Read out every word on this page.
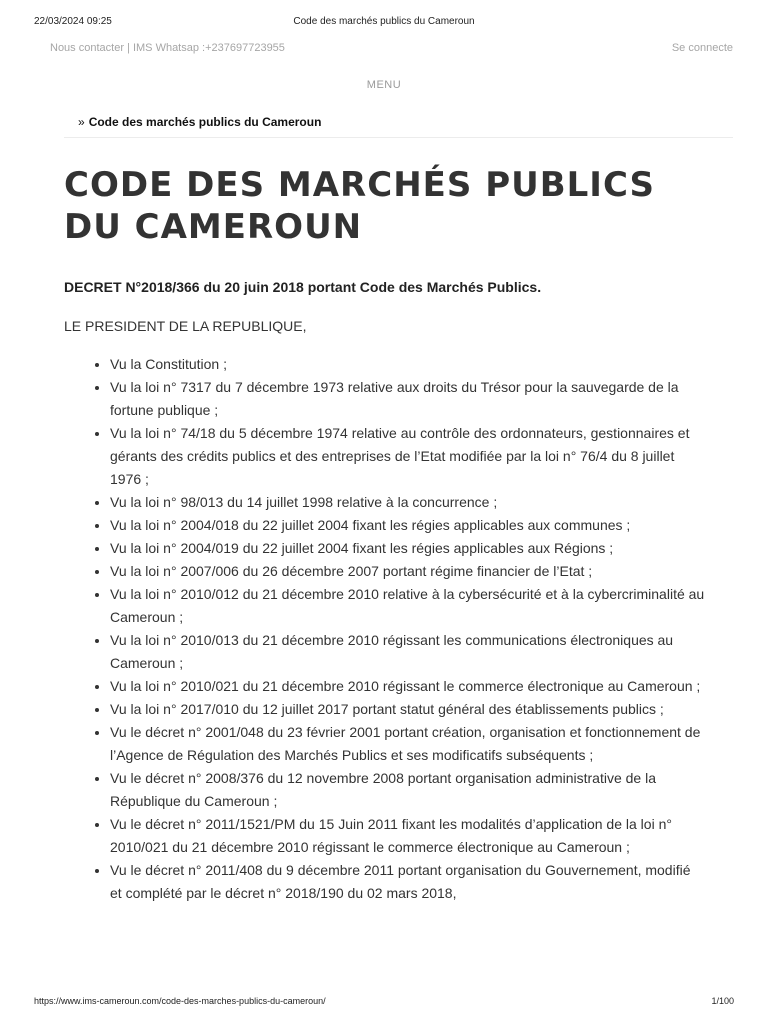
22/03/2024 09:25	Code des marchés publics du Cameroun
Nous contacter | IMS Whatsap :+237697723955	Se connecte
MENU
» Code des marchés publics du Cameroun
CODE DES MARCHÉS PUBLICS DU CAMEROUN

DECRET N°2018/366 du 20 juin 2018 portant Code des Marchés Publics.

LE PRESIDENT DE LA REPUBLIQUE,

• Vu la Constitution ;
• Vu la loi n° 7317 du 7 décembre 1973 relative aux droits du Trésor pour la sauvegarde de la fortune publique ;
• Vu la loi n° 74/18 du 5 décembre 1974 relative au contrôle des ordonnateurs, gestionnaires et gérants des crédits publics et des entreprises de l’Etat modifiée par la loi n° 76/4 du 8 juillet 1976 ;
• Vu la loi n° 98/013 du 14 juillet 1998 relative à la concurrence ;
• Vu la loi n° 2004/018 du 22 juillet 2004 fixant les régies applicables aux communes ;
• Vu la loi n° 2004/019 du 22 juillet 2004 fixant les régies applicables aux Régions ;
• Vu la loi n° 2007/006 du 26 décembre 2007 portant régime financier de l’Etat ;
• Vu la loi n° 2010/012 du 21 décembre 2010 relative à la cybersécurité et à la cybercriminalité au Cameroun ;
• Vu la loi n° 2010/013 du 21 décembre 2010 régissant les communications électroniques au Cameroun ;
• Vu la loi n° 2010/021 du 21 décembre 2010 régissant le commerce électronique au Cameroun ;
• Vu la loi n° 2017/010 du 12 juillet 2017 portant statut général des établissements publics ;
• Vu le décret n° 2001/048 du 23 février 2001 portant création, organisation et fonctionnement de l’Agence de Régulation des Marchés Publics et ses modificatifs subséquents ;
• Vu le décret n° 2008/376 du 12 novembre 2008 portant organisation administrative de la République du Cameroun ;
• Vu le décret n° 2011/1521/PM du 15 Juin 2011 fixant les modalités d’application de la loi n° 2010/021 du 21 décembre 2010 régissant le commerce électronique au Cameroun ;
• Vu le décret n° 2011/408 du 9 décembre 2011 portant organisation du Gouvernement, modifié et complété par le décret n° 2018/190 du 02 mars 2018,
https://www.ims-cameroun.com/code-des-marches-publics-du-cameroun/	1/100
